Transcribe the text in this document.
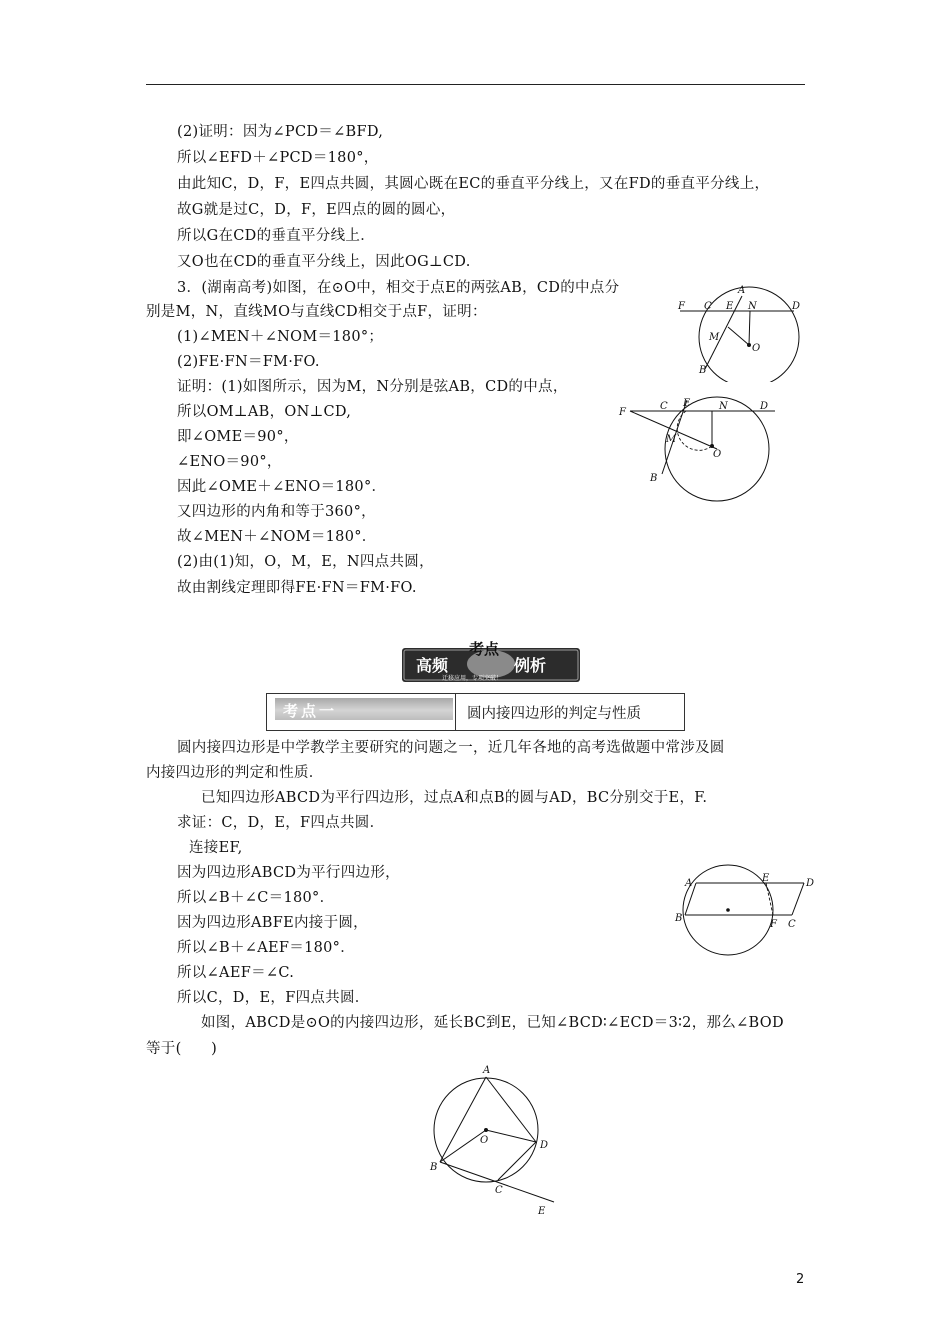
(2)证明：因为∠PCD＝∠BFD,
所以∠EFD＋∠PCD＝180°，
由此知C，D，F，E四点共圆，其圆心既在EC的垂直平分线上，又在FD的垂直平分线上，
故G就是过C，D，F，E四点的圆的圆心，
所以G在CD的垂直平分线上．
又O也在CD的垂直平分线上，因此OG⊥CD.
3．(湖南高考)如图，在⊙O中，相交于点E的两弦AB，CD的中点分
别是M，N，直线MO与直线CD相交于点F，证明：
(1)∠MEN＋∠NOM＝180°；
(2)FE·FN＝FM·FO.
证明：(1)如图所示，因为M，N分别是弦AB，CD的中点，
所以OM⊥AB，ON⊥CD,
即∠OME＝90°，
∠ENO＝90°，
因此∠OME＋∠ENO＝180°．
又四边形的内角和等于360°，
故∠MEN＋∠NOM＝180°．
(2)由(1)知，O，M，E，N四点共圆，
故由割线定理即得FE·FN＝FM·FO.
圆内接四边形是中学教学主要研究的问题之一，近几年各地的高考选做题中常涉及圆
内接四边形的判定和性质．
已知四边形ABCD为平行四边形，过点A和点B的圆与AD，BC分别交于E，F.
求证：C，D，E，F四点共圆．
连接EF,
因为四边形ABCD为平行四边形，
所以∠B＋∠C＝180°．
因为四边形ABFE内接于圆，
所以∠B＋∠AEF＝180°．
所以∠AEF＝∠C.
所以C，D，E，F四点共圆．
如图，ABCD是⊙O的内接四边形，延长BC到E，已知∠BCD∶∠ECD＝3∶2，那么∠BOD
等于(　　)
A
F C E N	D
M
O
B
F
C E	N	D
M
O
B
高频	例析
考点
迁移应用，专项突破！
考点一	圆内接四边形的判定与性质
A	E	D
B
F C
A
O	D
B
C
E
2
